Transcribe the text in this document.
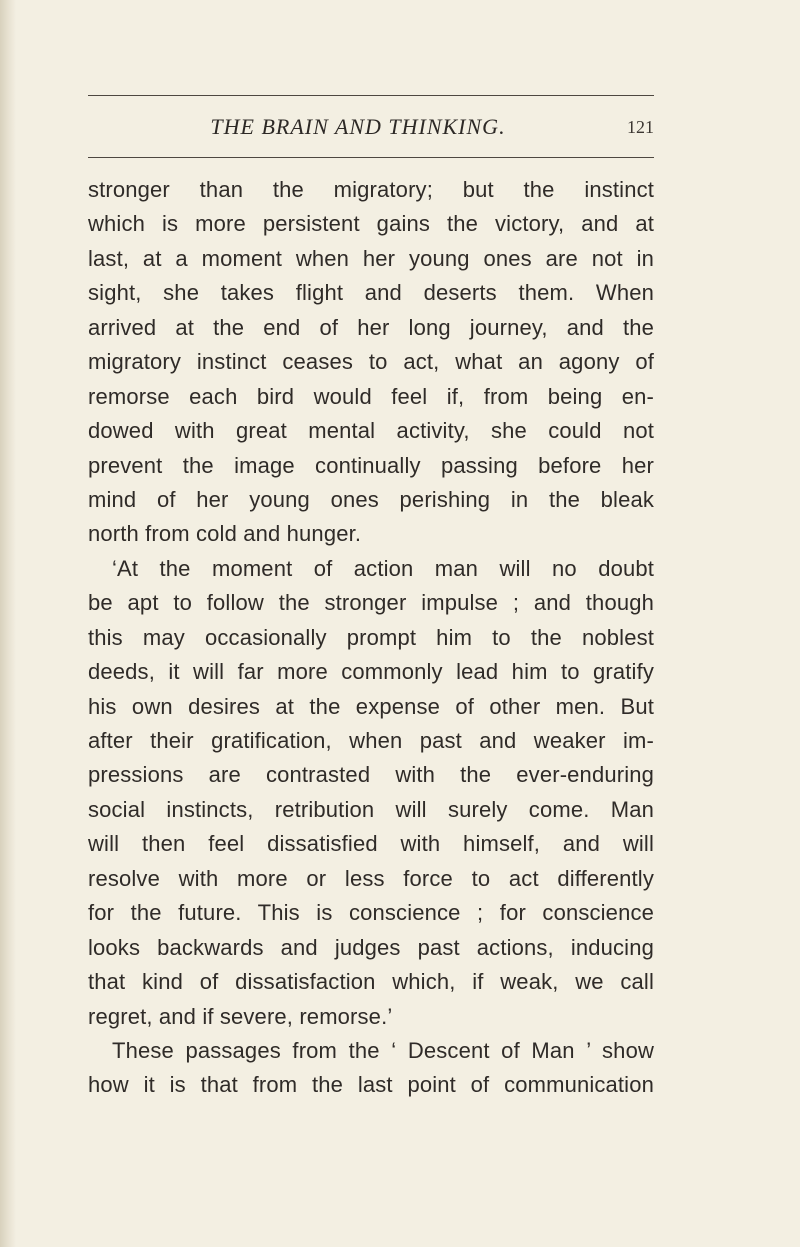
THE BRAIN AND THINKING.	121
stronger than the migratory; but the instinct
which is more persistent gains the victory, and at
last, at a moment when her young ones are not in
sight, she takes flight and deserts them. When
arrived at the end of her long journey, and the
migratory instinct ceases to act, what an agony of
remorse each bird would feel if, from being en-
dowed with great mental activity, she could not
prevent the image continually passing before her
mind of her young ones perishing in the bleak
north from cold and hunger.
‘At the moment of action man will no doubt
be apt to follow the stronger impulse ; and though
this may occasionally prompt him to the noblest
deeds, it will far more commonly lead him to gratify
his own desires at the expense of other men. But
after their gratification, when past and weaker im-
pressions are contrasted with the ever-enduring
social instincts, retribution will surely come. Man
will then feel dissatisfied with himself, and will
resolve with more or less force to act differently
for the future. This is conscience ; for conscience
looks backwards and judges past actions, inducing
that kind of dissatisfaction which, if weak, we call
regret, and if severe, remorse.’
These passages from the ‘ Descent of Man ’ show
how it is that from the last point of communication
